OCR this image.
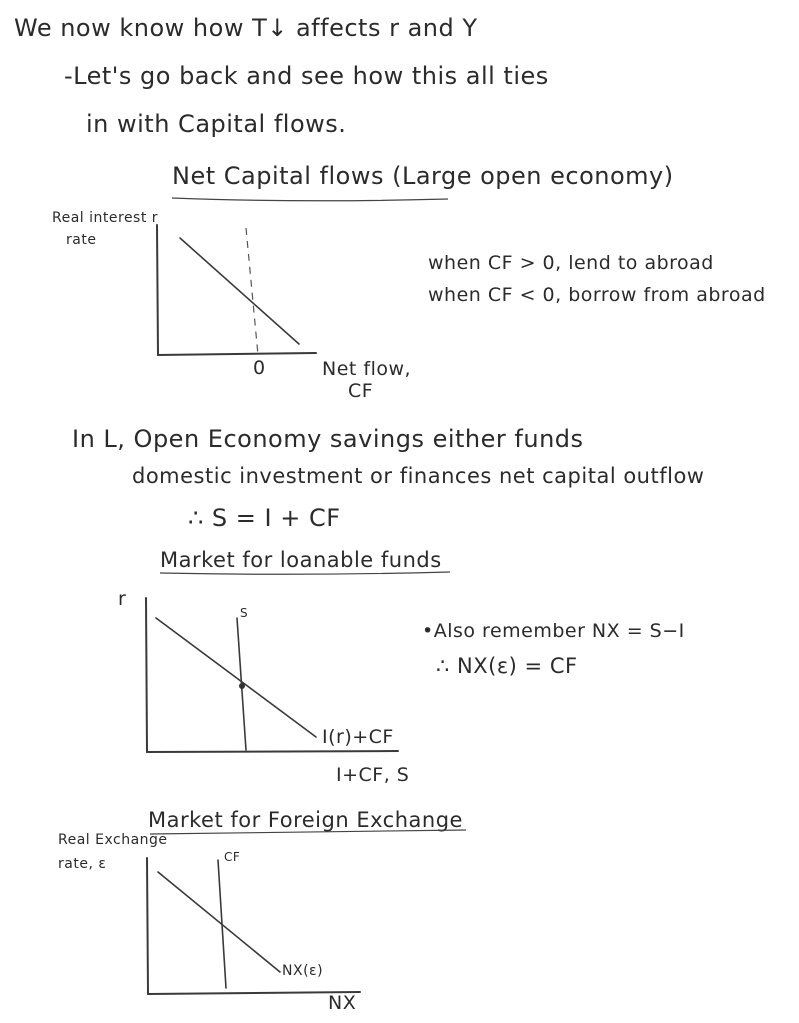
We now know how T↓ affects r and Y
-Let's go back and see how this all ties
in with Capital flows.
Net Capital flows (Large open economy)
Real interest r
rate
0	Net flow,
CF
when CF > 0, lend to abroad
when CF < 0, borrow from abroad
In L, Open Economy savings either funds
domestic investment or finances net capital outflow
∴ S = I + CF
Market for loanable funds
r
S
I(r)+CF
I+CF, S
•Also remember NX = S−I
∴ NX(ε) = CF
Market for Foreign Exchange
Real Exchange
rate, ε	CF
NX(ε)
NX
